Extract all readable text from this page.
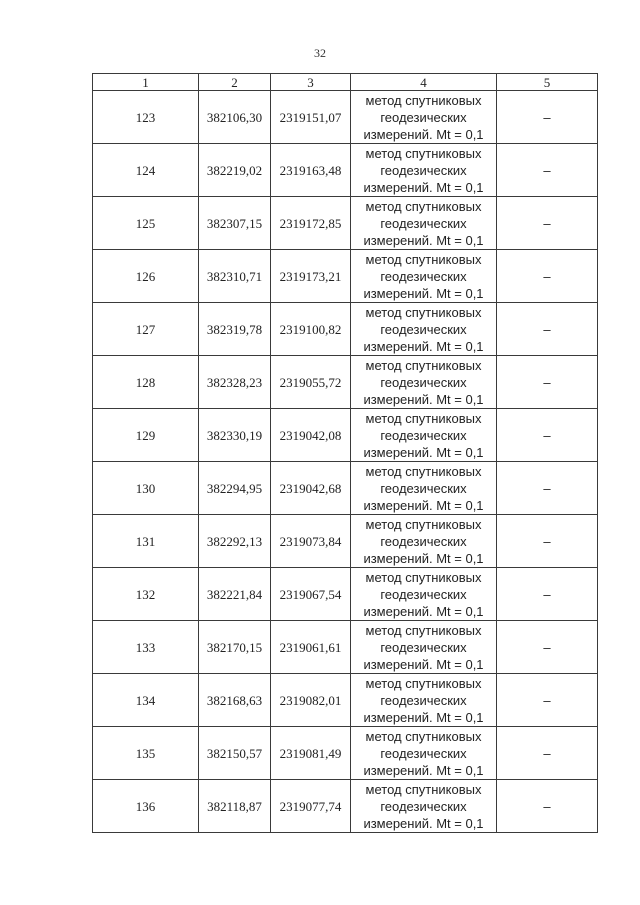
32
1	2	3	4	5
123	382106,30	2319151,07	метод спутниковых
геодезических
измерений. Mt = 0,1	–
124	382219,02	2319163,48	метод спутниковых
геодезических
измерений. Mt = 0,1	–
125	382307,15	2319172,85	метод спутниковых
геодезических
измерений. Mt = 0,1	–
126	382310,71	2319173,21	метод спутниковых
геодезических
измерений. Mt = 0,1	–
127	382319,78	2319100,82	метод спутниковых
геодезических
измерений. Mt = 0,1	–
128	382328,23	2319055,72	метод спутниковых
геодезических
измерений. Mt = 0,1	–
129	382330,19	2319042,08	метод спутниковых
геодезических
измерений. Mt = 0,1	–
130	382294,95	2319042,68	метод спутниковых
геодезических
измерений. Mt = 0,1	–
131	382292,13	2319073,84	метод спутниковых
геодезических
измерений. Mt = 0,1	–
132	382221,84	2319067,54	метод спутниковых
геодезических
измерений. Mt = 0,1	–
133	382170,15	2319061,61	метод спутниковых
геодезических
измерений. Mt = 0,1	–
134	382168,63	2319082,01	метод спутниковых
геодезических
измерений. Mt = 0,1	–
135	382150,57	2319081,49	метод спутниковых
геодезических
измерений. Mt = 0,1	–
136	382118,87	2319077,74	метод спутниковых
геодезических
измерений. Mt = 0,1	–
